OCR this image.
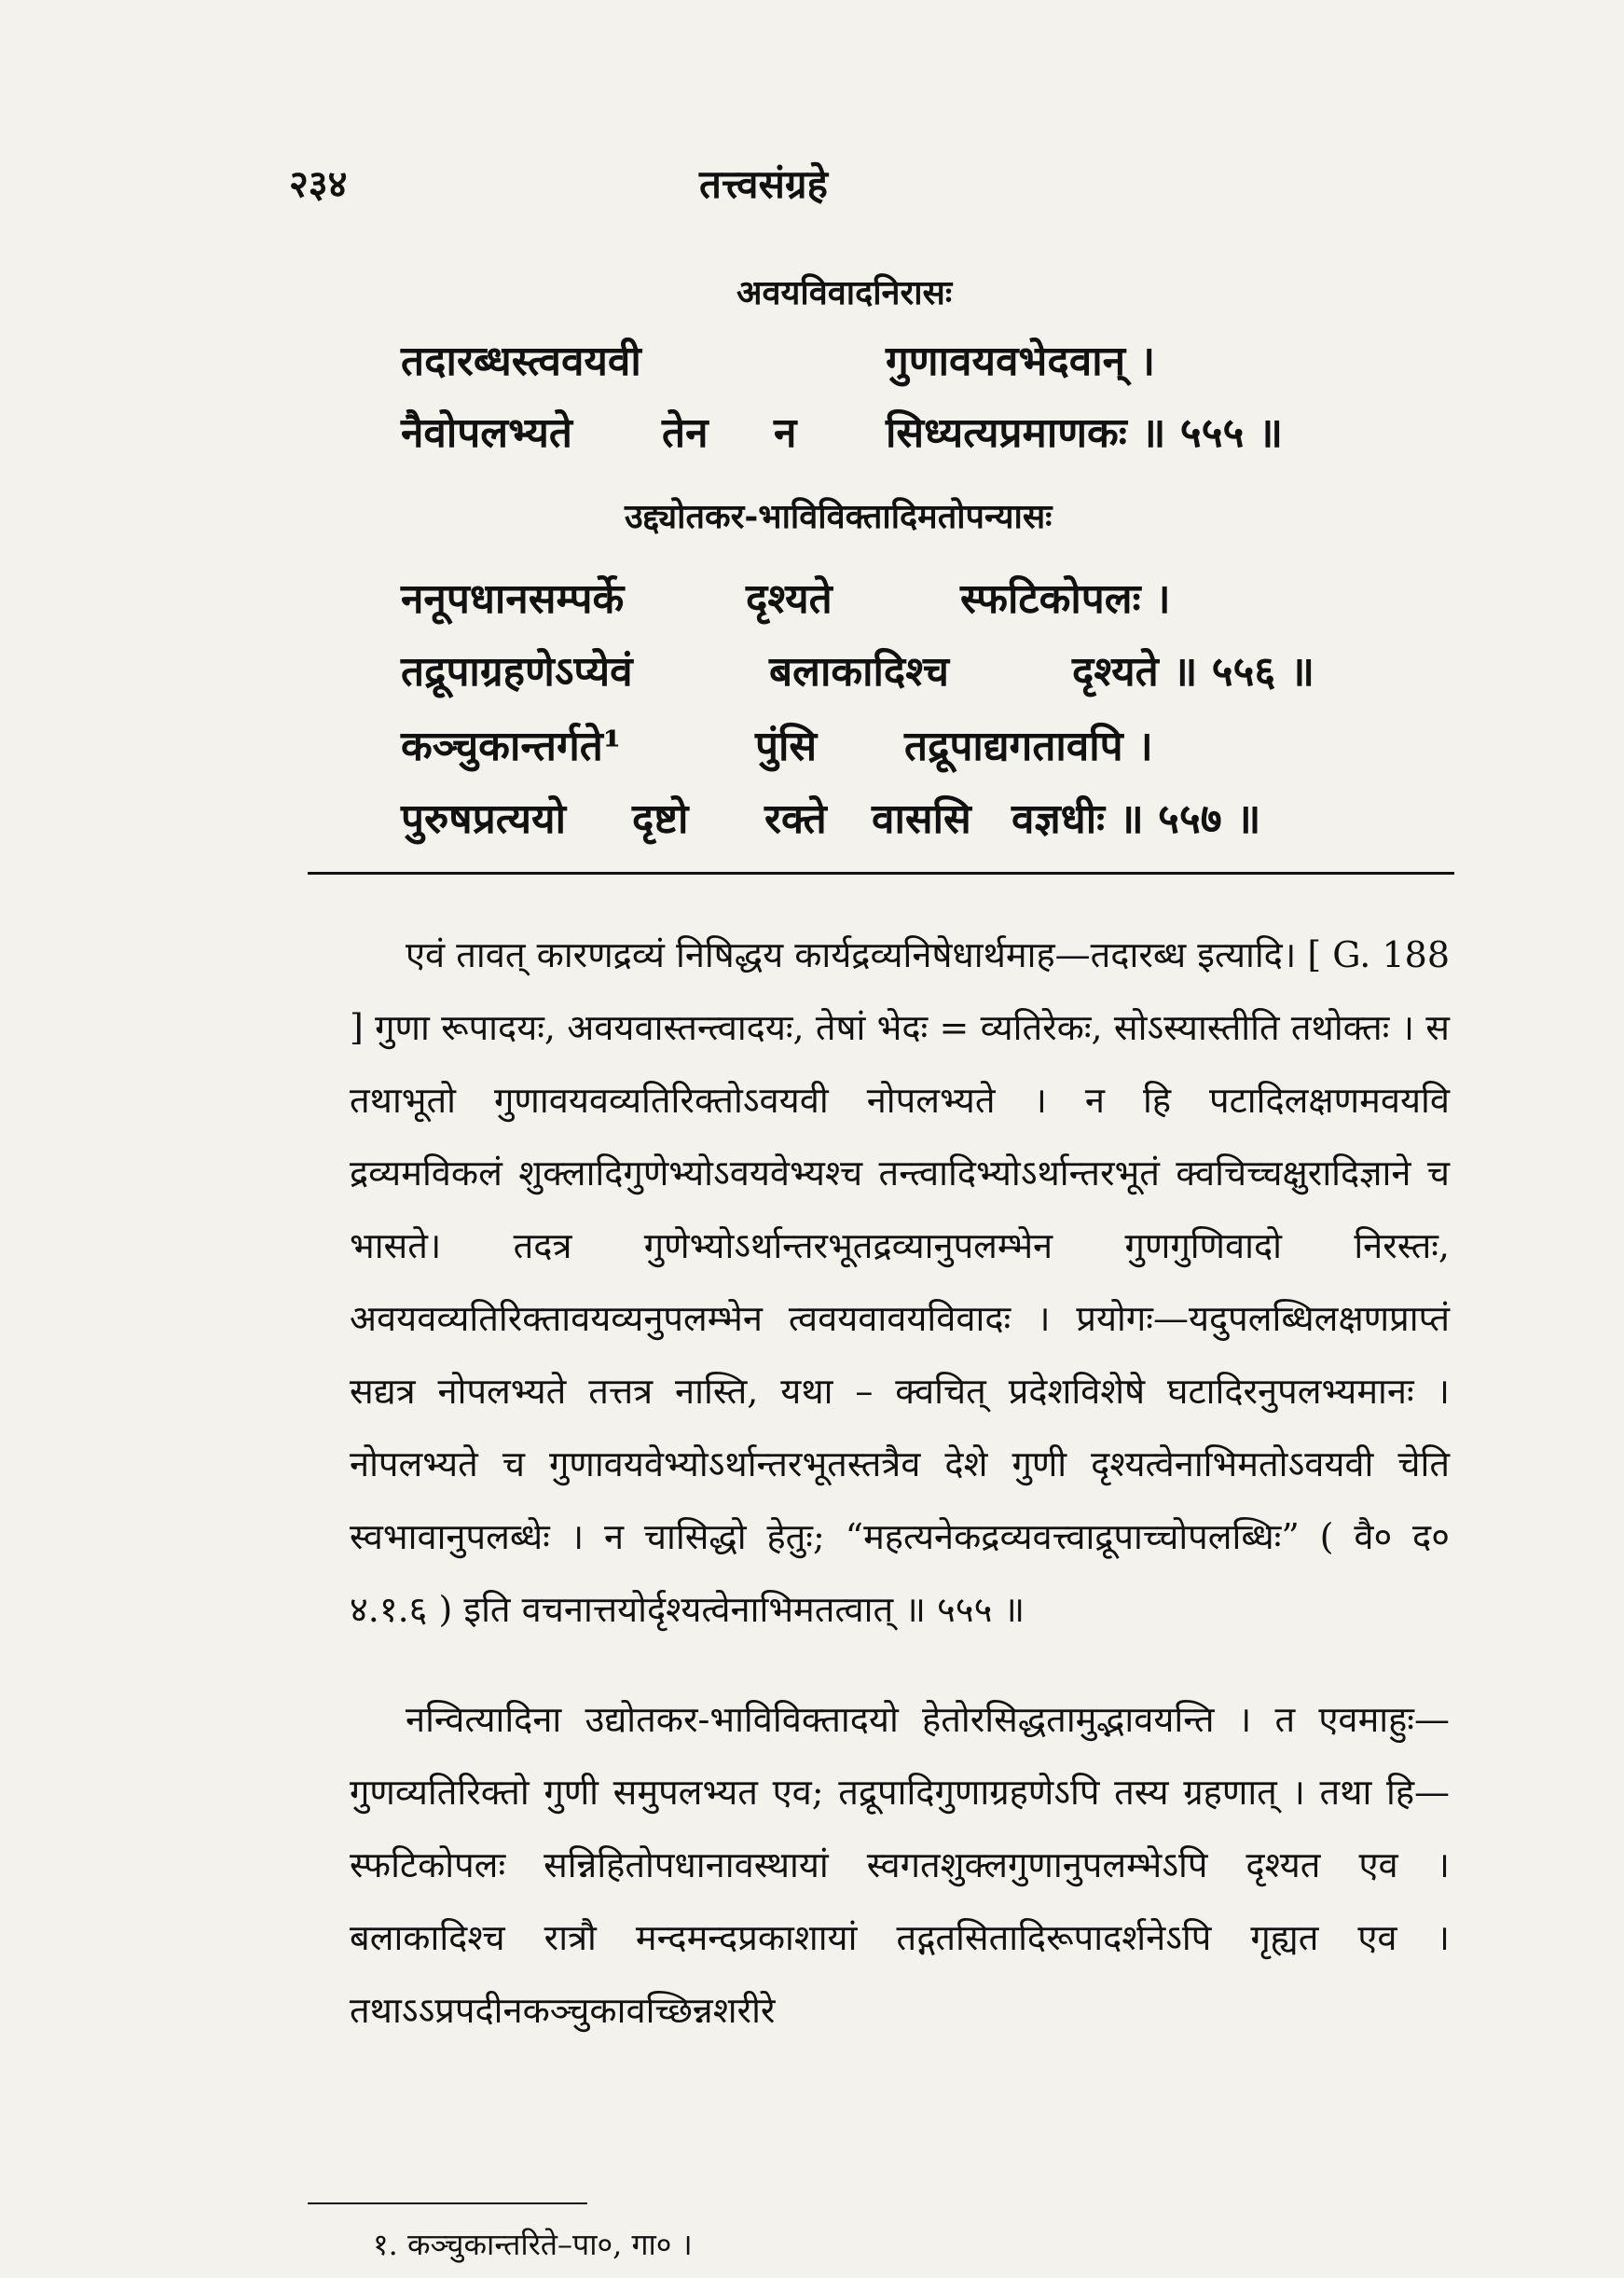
२३४	तत्त्वसंग्रहे
अवयविवादनिरासः
तदारब्धस्त्ववयवी	गुणावयवभेदवान् ।
नैवोपलभ्यते तेन न सिध्यत्यप्रमाणकः ॥ ५५५ ॥
उद्द्योतकर-भाविविक्तादिमतोपन्यासः
ननूपधानसम्पर्के	दृश्यते	स्फटिकोपलः ।
तद्रूपाग्रहणेऽप्येवं	बलाकादिश्च	दृश्यते ॥ ५५६ ॥
कञ्चुकान्तर्गते¹	पुंसि तद्रूपाद्यगतावपि ।
पुरुषप्रत्ययो दृष्टो रक्ते वाससि वज्ञधीः ॥ ५५७ ॥

एवं तावत् कारणद्रव्यं निषिद्धय कार्यद्रव्यनिषेधार्थमाह—तदारब्ध इत्यादि। [ G. 188 ] गुणा रूपादयः, अवयवास्तन्त्वादयः, तेषां भेदः = व्यतिरेकः, सोऽस्यास्तीति तथोक्तः । स तथाभूतो गुणावयवव्यतिरिक्तोऽवयवी नोपलभ्यते । न हि पटादिलक्षणमवयवि द्रव्यमविकलं शुक्लादिगुणेभ्योऽवयवेभ्यश्च तन्त्वादिभ्योऽर्थान्तरभूतं क्वचिच्चक्षुरादिज्ञाने च भासते। तदत्र गुणेभ्योऽर्थान्तरभूतद्रव्यानुपलम्भेन गुणगुणिवादो निरस्तः, अवयवव्यतिरिक्तावयव्यनुपलम्भेन त्ववयवावयविवादः । प्रयोगः—यदुपलब्धिलक्षणप्राप्तं सद्यत्र नोपलभ्यते तत्तत्र नास्ति, यथा – क्वचित् प्रदेशविशेषे घटादिरनुपलभ्यमानः । नोपलभ्यते च गुणावयवेभ्योऽर्थान्तरभूतस्तत्रैव देशे गुणी दृश्यत्वेनाभिमतोऽवयवी चेति स्वभावानुपलब्धेः । न चासिद्धो हेतुः; “महत्यनेकद्रव्यवत्त्वाद्रूपाच्चोपलब्धिः” ( वै० द० ४.१.६ ) इति वचनात्तयोर्दृश्यत्वेनाभिमतत्वात् ॥ ५५५ ॥

नन्वित्यादिना उद्योतकर-भाविविक्तादयो हेतोरसिद्धतामुद्भावयन्ति । त एवमाहुः—गुणव्यतिरिक्तो गुणी समुपलभ्यत एव; तद्रूपादिगुणाग्रहणेऽपि तस्य ग्रहणात् । तथा हि—स्फटिकोपलः सन्निहितोपधानावस्थायां स्वगतशुक्लगुणानुपलम्भेऽपि दृश्यत एव । बलाकादिश्च रात्रौ मन्दमन्दप्रकाशायां तद्गतसितादिरूपादर्शनेऽपि गृह्यत एव । तथाऽऽप्रपदीनकञ्चुकावच्छिन्नशरीरे

१. कञ्चुकान्तरिते–पा०, गा० ।
